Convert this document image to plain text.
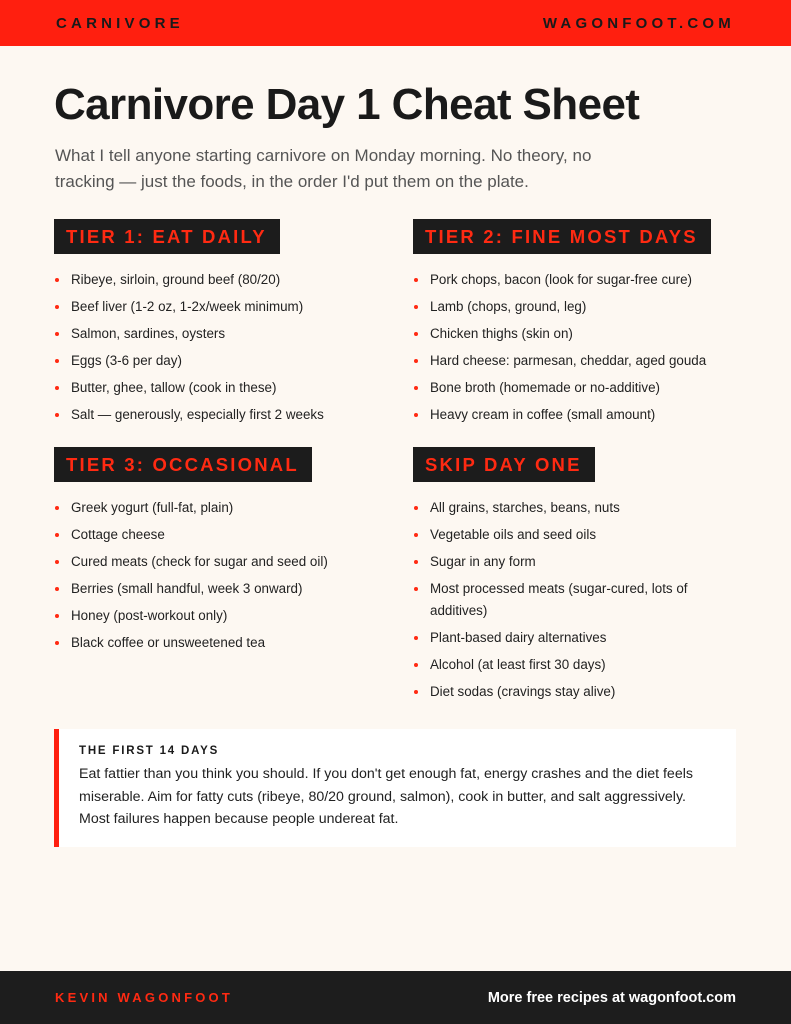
CARNIVORE	WAGONFOOT.COM
Carnivore Day 1 Cheat Sheet

What I tell anyone starting carnivore on Monday morning. No theory, no tracking — just the foods, in the order I'd put them on the plate.

TIER 1: EAT DAILY
Ribeye, sirloin, ground beef (80/20)
Beef liver (1-2 oz, 1-2x/week minimum)
Salmon, sardines, oysters
Eggs (3-6 per day)
Butter, ghee, tallow (cook in these)
Salt — generously, especially first 2 weeks
TIER 2: FINE MOST DAYS
Pork chops, bacon (look for sugar-free cure)
Lamb (chops, ground, leg)
Chicken thighs (skin on)
Hard cheese: parmesan, cheddar, aged gouda
Bone broth (homemade or no-additive)
Heavy cream in coffee (small amount)
TIER 3: OCCASIONAL
Greek yogurt (full-fat, plain)
Cottage cheese
Cured meats (check for sugar and seed oil)
Berries (small handful, week 3 onward)
Honey (post-workout only)
Black coffee or unsweetened tea
SKIP DAY ONE
All grains, starches, beans, nuts
Vegetable oils and seed oils
Sugar in any form
Most processed meats (sugar-cured, lots of additives)
Plant-based dairy alternatives
Alcohol (at least first 30 days)
Diet sodas (cravings stay alive)
THE FIRST 14 DAYS

Eat fattier than you think you should. If you don't get enough fat, energy crashes and the diet feels miserable. Aim for fatty cuts (ribeye, 80/20 ground, salmon), cook in butter, and salt aggressively. Most failures happen because people undereat fat.

KEVIN WAGONFOOT	More free recipes at wagonfoot.com
